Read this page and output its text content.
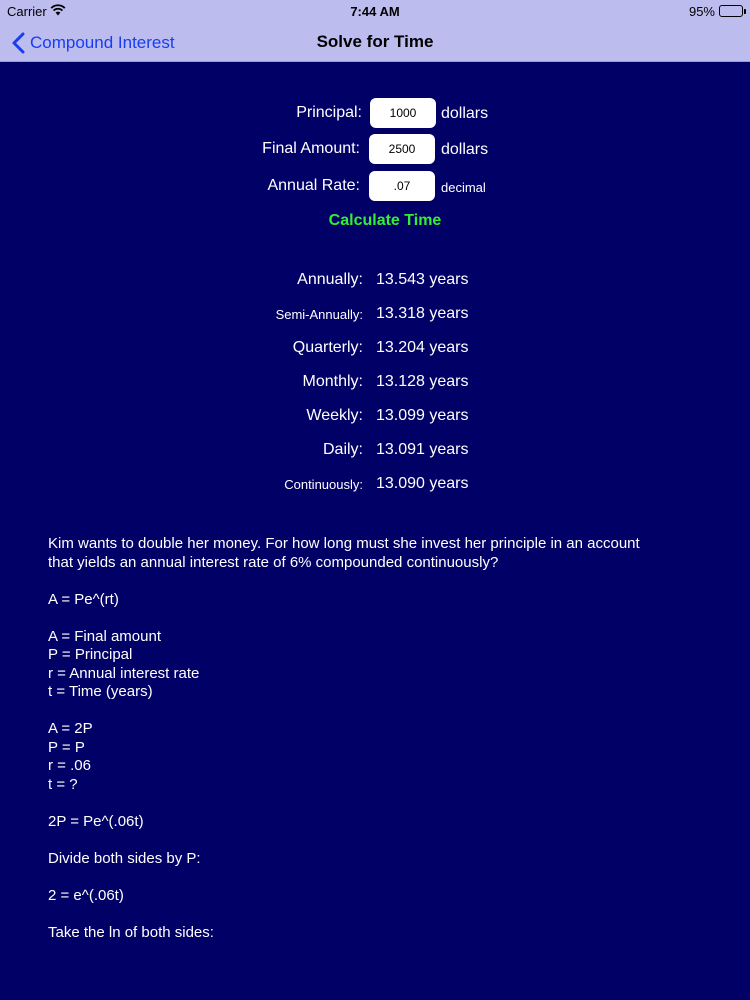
Carrier	7:44 AM	95%
Compound Interest	Solve for Time
Principal:
1000	dollars
Final Amount:
2500	dollars
Annual Rate:
.07	decimal
Calculate Time
Annually: 13.543 years
Semi-Annually: 13.318 years
Quarterly: 13.204 years
Monthly: 13.128 years
Weekly: 13.099 years
Daily: 13.091 years
Continuously: 13.090 years

Kim wants to double her money. For how long must she invest her principle in an account

that yields an annual interest rate of 6% compounded continuously?

A = Pe^(rt)

A = Final amount

P = Principal

r = Annual interest rate

t = Time (years)

A = 2P

P = P

r = .06

t = ?

2P = Pe^(.06t)

Divide both sides by P:

2 = e^(.06t)

Take the ln of both sides:
